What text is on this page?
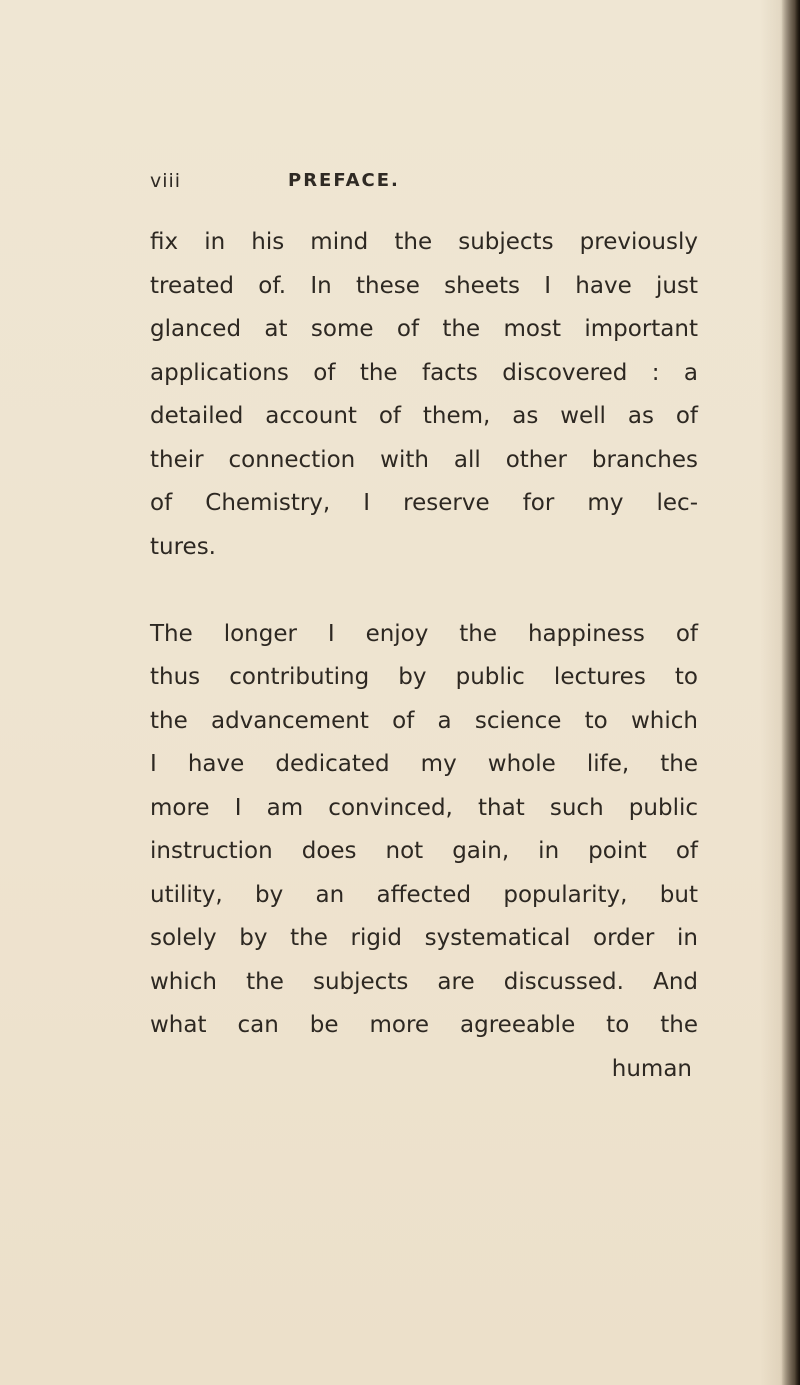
viii	PREFACE.
fix in his mind the subjects previously
treated of. In these sheets I have just
glanced at some of the most important
applications of the facts discovered : a
detailed account of them, as well as of
their connection with all other branches
of Chemistry, I reserve for my lec-
tures.
The longer I enjoy the happiness of
thus contributing by public lectures to
the advancement of a science to which
I have dedicated my whole life, the
more I am convinced, that such public
instruction does not gain, in point of
utility, by an affected popularity, but
solely by the rigid systematical order in
which the subjects are discussed. And
what can be more agreeable to the
human
